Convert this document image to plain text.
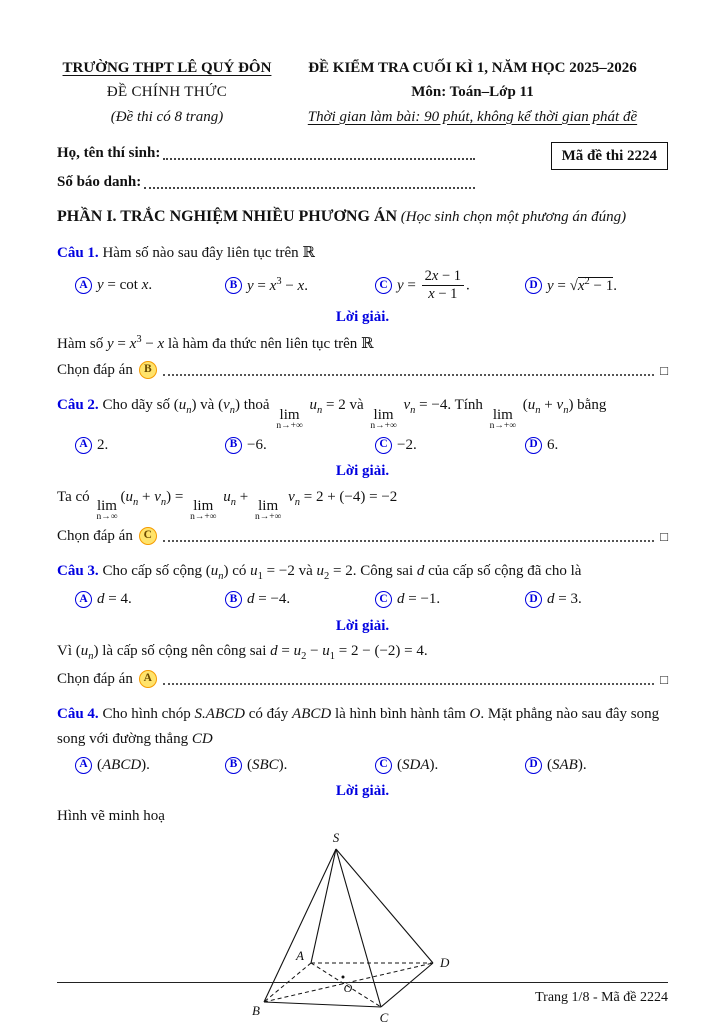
TRƯỜNG THPT LÊ QUÝ ĐÔN
ĐỀ CHÍNH THỨC
(Đề thi có 8 trang)
ĐỀ KIỂM TRA CUỐI KÌ 1, NĂM HỌC 2025–2026
Môn: Toán–Lớp 11
Thời gian làm bài: 90 phút, không kể thời gian phát đề
Họ, tên thí sinh:	Mã đề thi 2224
Số báo danh:
PHẦN I. TRẮC NGHIỆM NHIỀU PHƯƠNG ÁN (Học sinh chọn một phương án đúng)

Câu 1. Hàm số nào sau đây liên tục trên ℝ

A y = cot x.	B $y = x^3 - x$.	C $y = \frac{2x - 1}{x - 1}$ .	D $y = √x^2 - 1$.

Lời giải.

Hàm số $y = x^3 - x$ là hàm đa thức nên liên tục trên ℝ

Chọn đáp án B	□

Câu 2. Cho dãy số $(u_n)$ và $(v_n)$ thoả lim
n→+∞
$u_n = 2$ và lim
n→+∞
$v_n = -4$. Tính lim
n→+∞
$(u_n + v_n)$ bằng

A 2.	B −6.	C −2.	D 6.

Lời giải.

Ta có lim
n→∞
$(u_n + v_n) = \lim$
n→+∞
$u_n + \lim$
n→+∞
$v_n = 2 + (-4) = -2$

Chọn đáp án C	□

Câu 3. Cho cấp số cộng $(u_n)$ có $u_1 = -2$ và $u_2 = 2$. Công sai d của cấp số cộng đã cho là

A d = 4.	B d = −4.	C d = −1.	D d = 3.

Lời giải.

Vì $(u_n)$ là cấp số cộng nên công sai $d = u_2 - u_1 = 2 - (-2) = 4$.

Chọn đáp án A	□

Câu 4. Cho hình chóp S.ABCD có đáy ABCD là hình bình hành tâm O. Mặt phẳng nào sau đây song song với đường thẳng CD

A (ABCD).	B (SBC).	C (SDA).	D (SAB).

Lời giải.

Hình vẽ minh hoạ

S
A
B	C
D
O
Trang 1/8 - Mã đề 2224
